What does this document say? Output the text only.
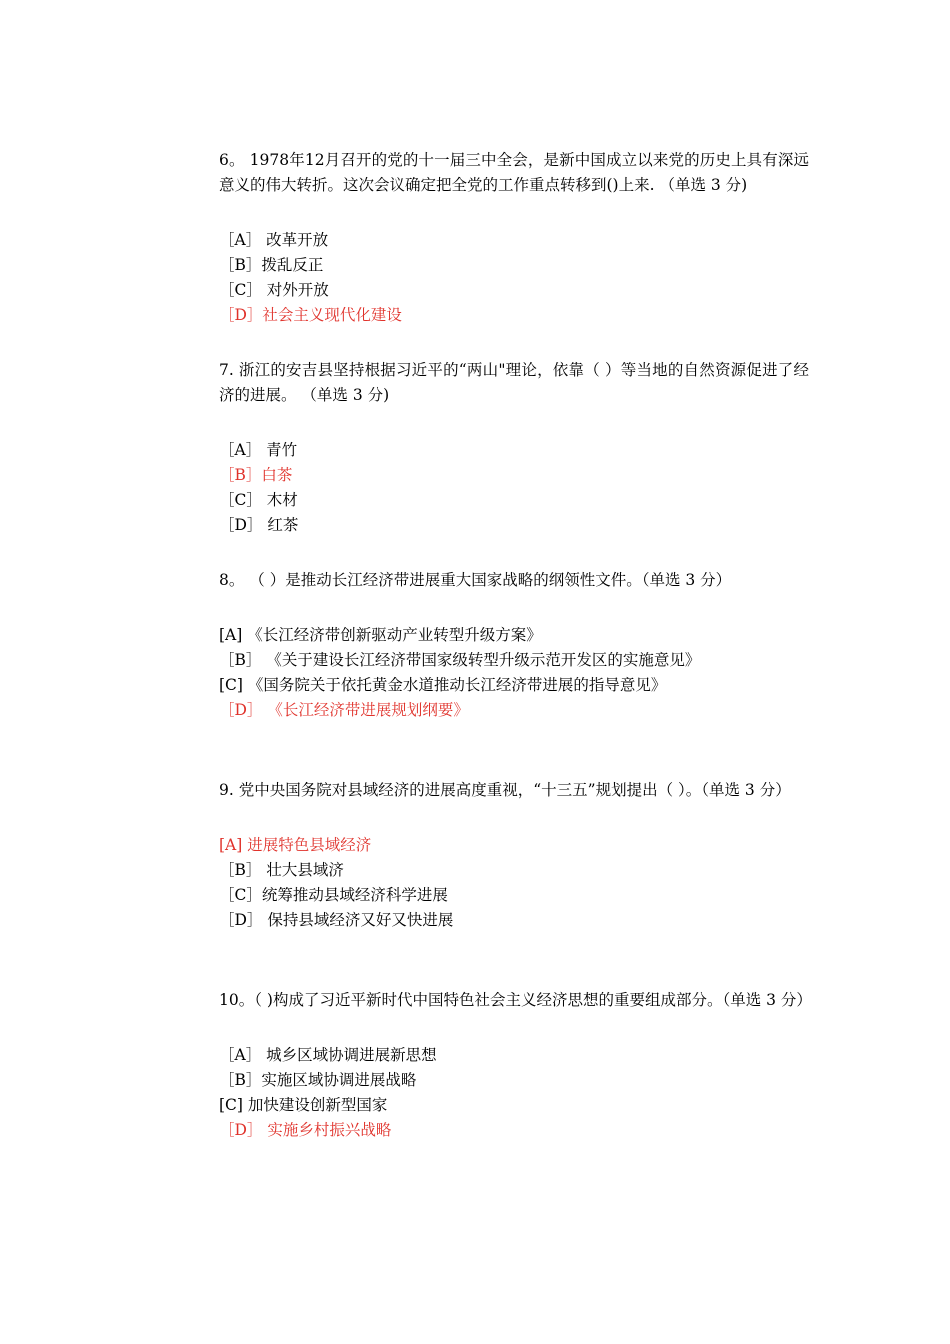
6。 1978年12月召开的党的十一届三中全会，是新中国成立以来党的历史上具有深远意义的伟大转折。这次会议确定把全党的工作重点转移到()上来. （单选 3 分)

［A］ 改革开放
［B］拨乱反正
［C］ 对外开放
［D］社会主义现代化建设

7. 浙江的安吉县坚持根据习近平的“两山"理论，依靠（ ）等当地的自然资源促进了经济的进展。 （单选 3 分)

［A］ 青竹
［B］白茶
［C］ 木材
［D］ 红茶

8。 （ ）是推动长江经济带进展重大国家战略的纲领性文件。（单选 3 分）

[A] 《长江经济带创新驱动产业转型升级方案》
［B］ 《关于建设长江经济带国家级转型升级示范开发区的实施意见》
[C] 《国务院关于依托黄金水道推动长江经济带进展的指导意见》
［D］ 《长江经济带进展规划纲要》

9. 党中央国务院对县域经济的进展高度重视，“十三五”规划提出（ ）。（单选 3 分）

[A] 进展特色县域经济
［B］ 壮大县域济
［C］统筹推动县域经济科学进展
［D］ 保持县域经济又好又快进展

10。（ )构成了习近平新时代中国特色社会主义经济思想的重要组成部分。（单选 3 分）

［A］ 城乡区域协调进展新思想
［B］实施区域协调进展战略
[C] 加快建设创新型国家
［D］ 实施乡村振兴战略
